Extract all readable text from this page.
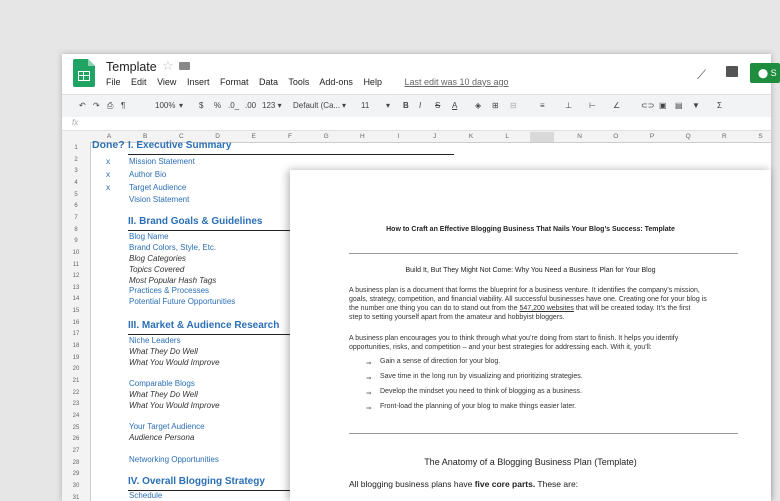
Template ☆
File Edit View Insert Format Data Tools Add-ons Help	Last edit was 10 days ago	⟋	⬤ S
↶ ↷ ⎙ ¶	100% ▾ $ % .0_ .00 123 ▾ Default (Ca... ▾ 11 ▾ B I S A ◈ ⊞ ⊟	≡	⊥ ⊢ ∠	⊂⊃ ▣ ▤ ▼ Σ
fx
A	B	C	D	E	F	G	H	I	J	K	L	N	O	P	Q	R	S
1
2
3
4
5
6
7
8
9
10
11
12
13
14
15
16
17
18
19
20
21
22
23
24
25
26
27
28
29
30
31
Done? I. Executive Summary
x Mission Statement
x Author Bio
x Target Audience
Vision Statement
II. Brand Goals & Guidelines
Blog Name
Brand Colors, Style, Etc.
Blog Categories
Topics Covered
Most Popular Hash Tags
Practices & Processes
Potential Future Opportunities
III. Market & Audience Research
Niche Leaders
What They Do Well
What You Would Improve
Comparable Blogs
What They Do Well
What You Would Improve
Your Target Audience
Audience Persona
Networking Opportunities
IV. Overall Blogging Strategy
Schedule
How to Craft an Effective Blogging Business That Nails Your Blog’s Success: Template
Build It, But They Might Not Come: Why You Need a Business Plan for Your Blog
A business plan is a document that forms the blueprint for a business venture. It identifies the company’s mission,
goals, strategy, competition, and financial viability. All successful businesses have one. Creating one for your blog is
the number one thing you can do to stand out from the 547,200 websites that will be created today. It’s the first
step to setting yourself apart from the amateur and hobbyist bloggers.
A business plan encourages you to think through what you’re doing from start to finish. It helps you identify
opportunities, risks, and competition – and your best strategies for addressing each. With it, you’ll:
⇒ Gain a sense of direction for your blog.
⇒ Save time in the long run by visualizing and prioritizing strategies.
⇒ Develop the mindset you need to think of blogging as a business.
⇒ Front-load the planning of your blog to make things easier later.
The Anatomy of a Blogging Business Plan (Template)
All blogging business plans have five core parts. These are:
